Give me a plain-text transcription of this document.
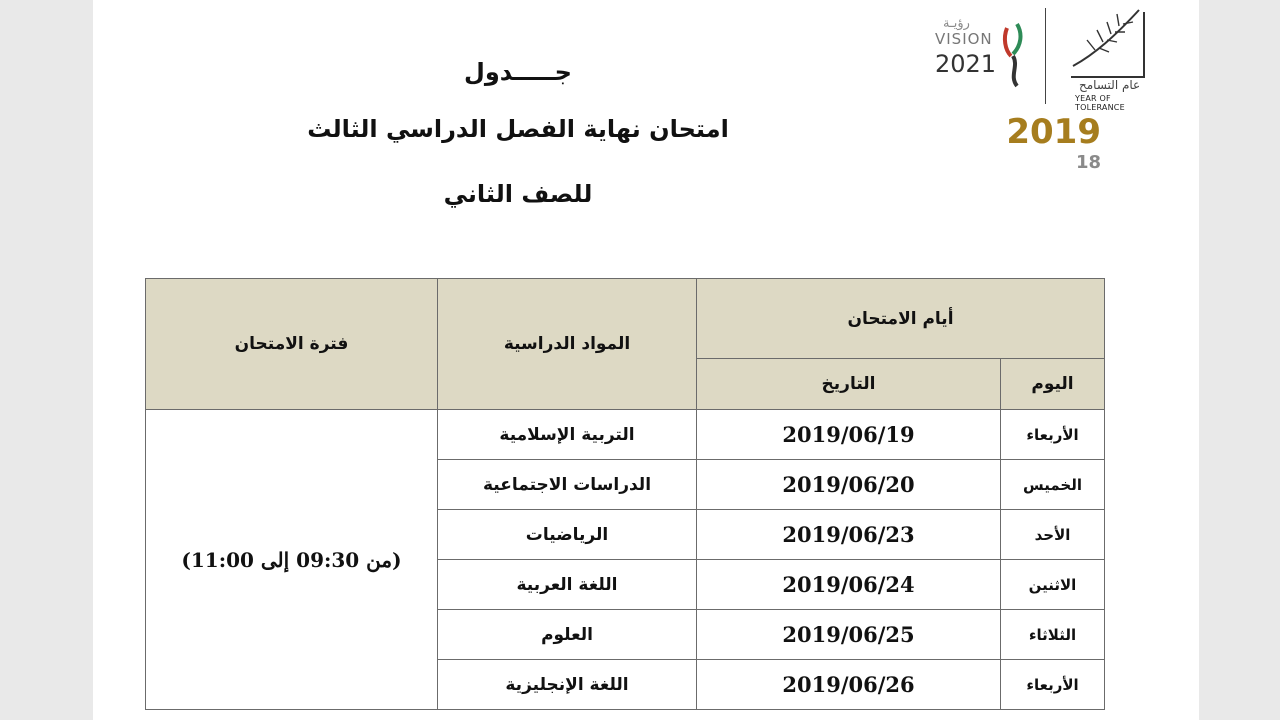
جـــــدول
امتحان نهاية الفصل الدراسي الثالث
للصف الثاني
رؤيـة
VISION
2021
عام التسامح
YEAR OF TOLERANCE
2019
18
أيام الامتحان		المواد الدراسية	فترة الامتحان
اليوم	التاريخ		
الأربعاء	2019/06/19	التربية الإسلامية	(من 09:30 إلى 11:00)
الخميس	2019/06/20	الدراسات الاجتماعية	
الأحد	2019/06/23	الرياضيات	
الاثنين	2019/06/24	اللغة العربية	
الثلاثاء	2019/06/25	العلوم	
الأربعاء	2019/06/26	اللغة الإنجليزية	
